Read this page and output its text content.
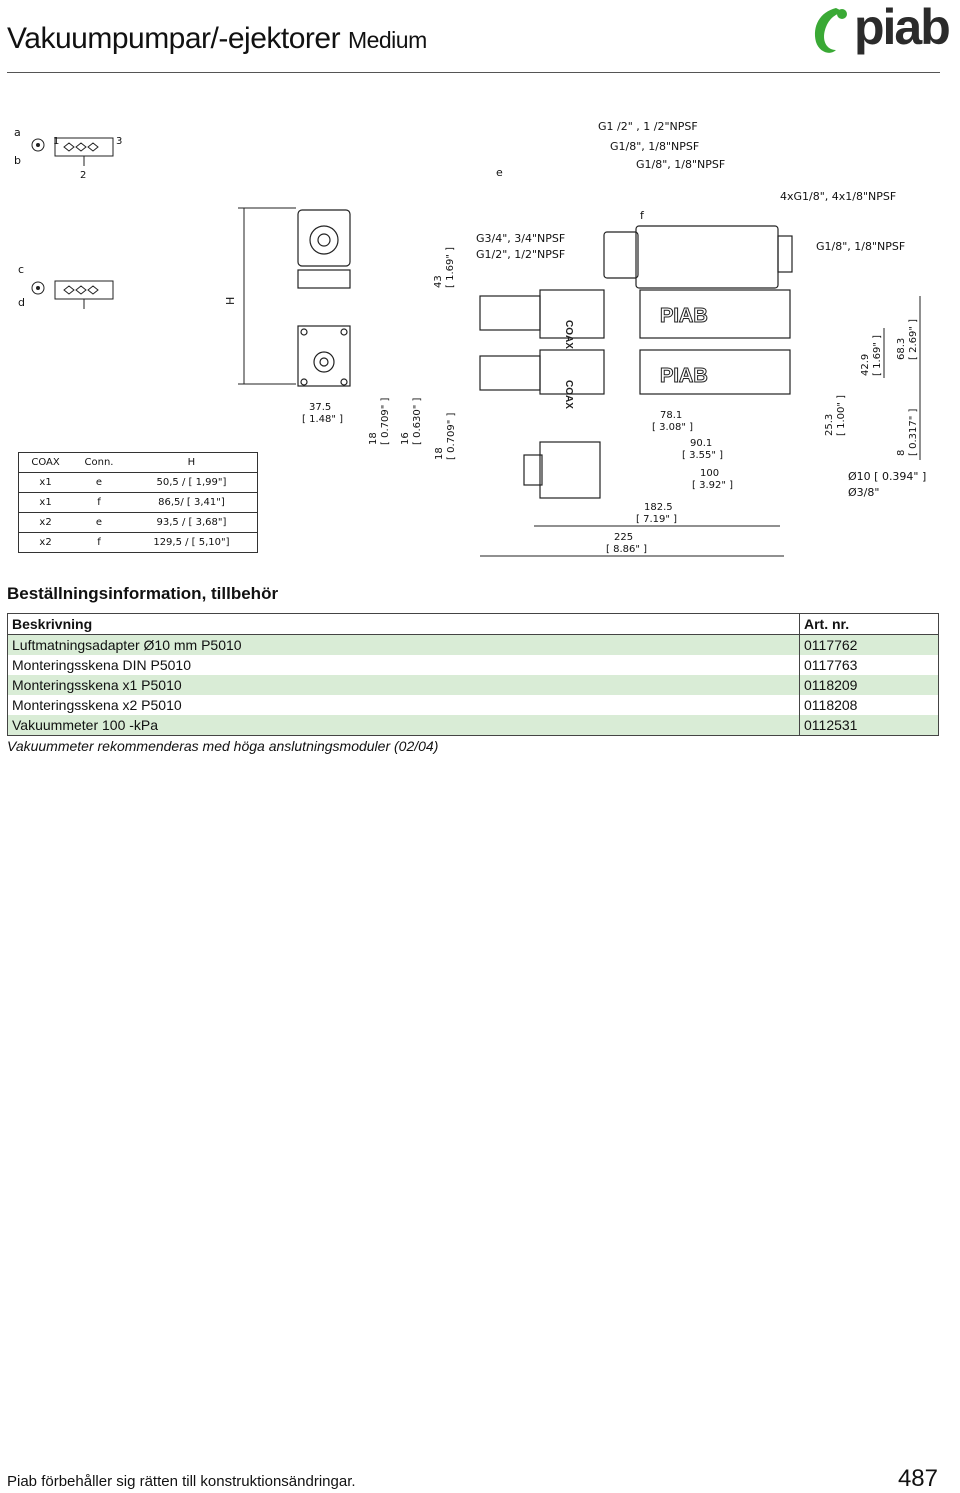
Vakuumpumpar/-ejektorer Medium	piab
a
b
1	3
2
c
d	H
37.5
[ 1.48" ]
18 [ 0.709" ] 16 [ 0.630" ]
18 [ 0.709" ]
43 [ 1.69" ]
G1 /2" , 1 /2"NPSF
G1/8", 1/8"NPSF
G1/8", 1/8"NPSF
4xG1/8", 4x1/8"NPSF
G3/4", 3/4"NPSF
G1/2", 1/2"NPSF
G1/8", 1/8"NPSF
e
f
PIAB
PIAB
COAX
COAX
78.1
[ 3.08" ]
90.1
[ 3.55" ]
100
[ 3.92" ]
182.5
[ 7.19" ]
225
[ 8.86" ]
25.3 [ 1.00" ]
42.9 [ 1.69" ] 68.3 [ 2.69" ]
8 [ 0.317" ]
Ø10 [ 0.394" ]
Ø3/8"
COAX	Conn.	H
x1	e	50,5 / [ 1,99"]
x1	f	86,5/ [ 3,41"]
x2	e	93,5 / [ 3,68"]
x2	f	129,5 / [ 5,10"]
Beställningsinformation, tillbehör
Beskrivning	Art. nr.
Luftmatningsadapter Ø10 mm P5010	0117762
Monteringsskena DIN P5010	0117763
Monteringsskena x1 P5010	0118209
Monteringsskena x2 P5010	0118208
Vakuummeter 100 -kPa	0112531
Vakuummeter rekommenderas med höga anslutningsmoduler (02/04)
Piab förbehåller sig rätten till konstruktionsändringar.	487
